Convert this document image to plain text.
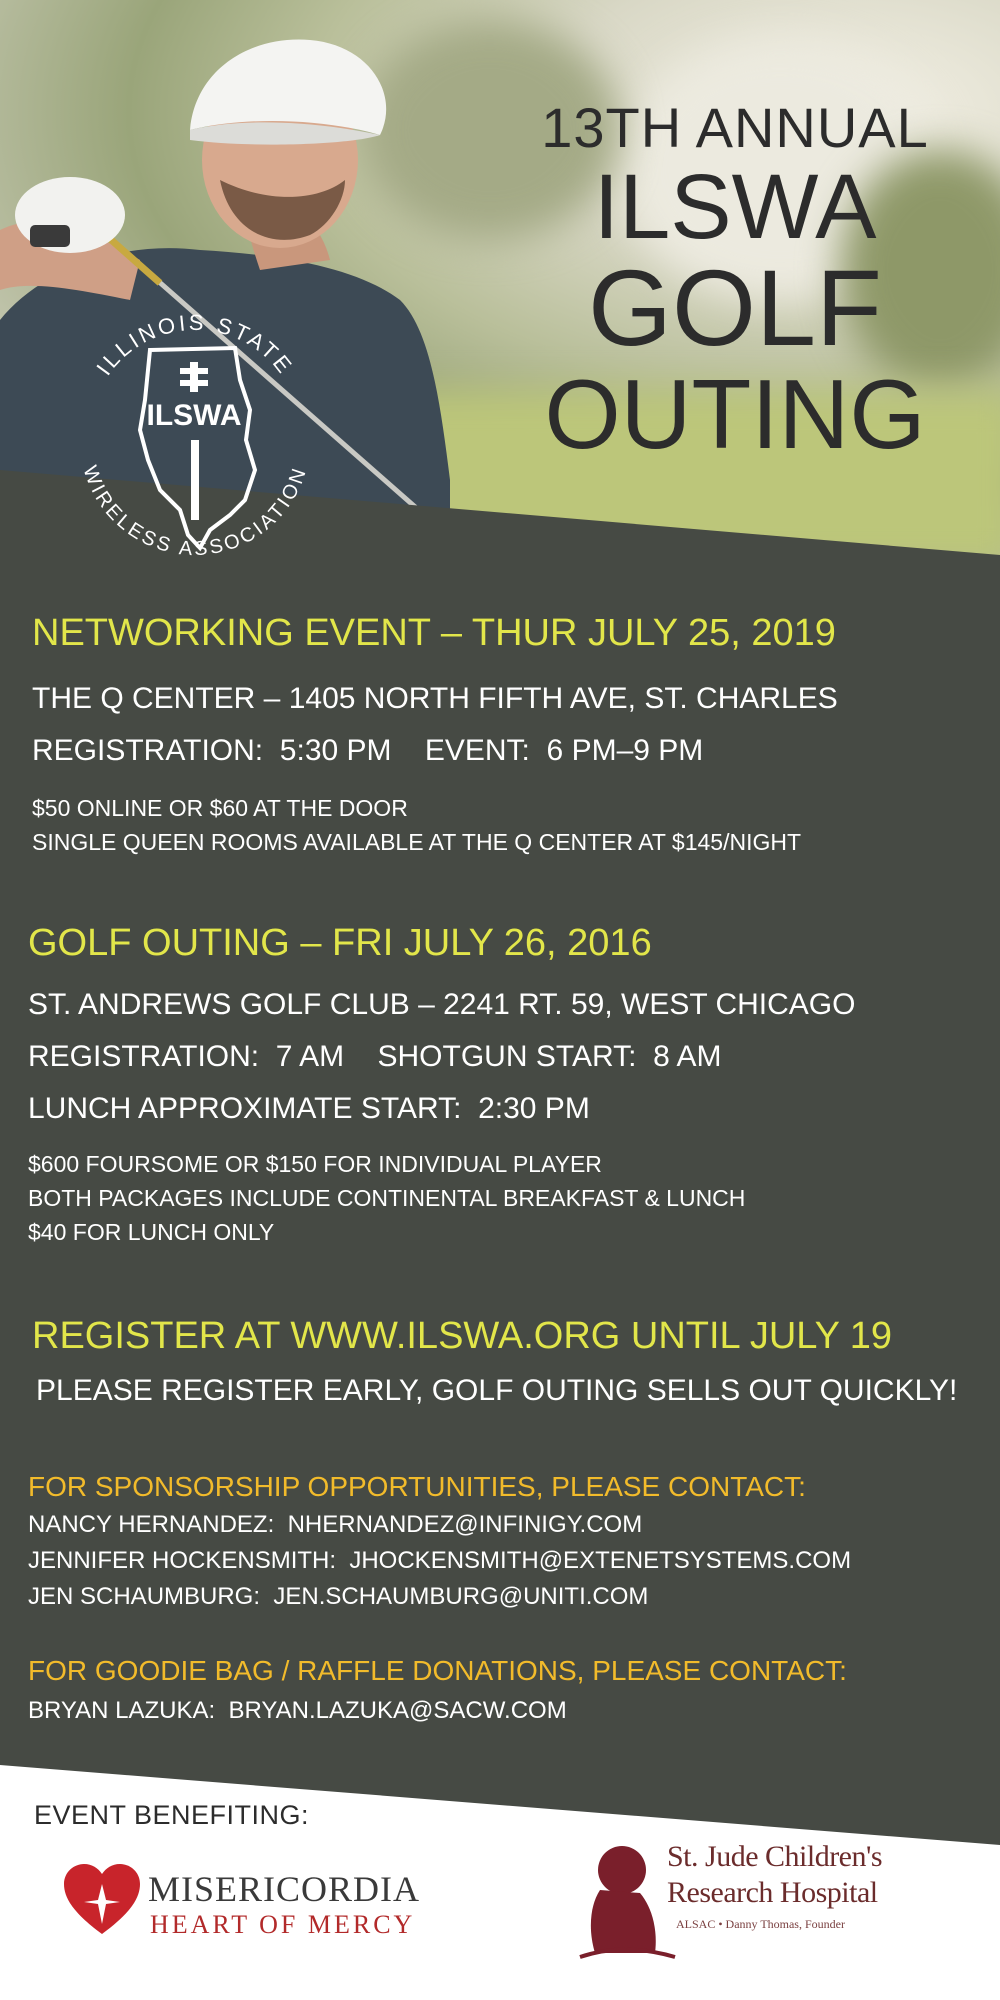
13TH ANNUAL
ILSWA
GOLF
OUTING
ILLINOIS STATE
WIRELESS ASSOCIATION
ILSWA
NETWORKING EVENT – THUR JULY 25, 2019
THE Q CENTER – 1405 NORTH FIFTH AVE, ST. CHARLES
REGISTRATION:  5:30 PM    EVENT:  6 PM–9 PM
$50 ONLINE OR $60 AT THE DOOR
SINGLE QUEEN ROOMS AVAILABLE AT THE Q CENTER AT $145/NIGHT
GOLF OUTING – FRI JULY 26, 2016
ST. ANDREWS GOLF CLUB – 2241 RT. 59, WEST CHICAGO
REGISTRATION:  7 AM    SHOTGUN START:  8 AM
LUNCH APPROXIMATE START:  2:30 PM
$600 FOURSOME OR $150 FOR INDIVIDUAL PLAYER
BOTH PACKAGES INCLUDE CONTINENTAL BREAKFAST & LUNCH
$40 FOR LUNCH ONLY
REGISTER AT WWW.ILSWA.ORG UNTIL JULY 19
PLEASE REGISTER EARLY, GOLF OUTING SELLS OUT QUICKLY!
FOR SPONSORSHIP OPPORTUNITIES, PLEASE CONTACT:
NANCY HERNANDEZ:  NHERNANDEZ@INFINIGY.COM
JENNIFER HOCKENSMITH:  JHOCKENSMITH@EXTENETSYSTEMS.COM
JEN SCHAUMBURG:  JEN.SCHAUMBURG@UNITI.COM
FOR GOODIE BAG / RAFFLE DONATIONS, PLEASE CONTACT:
BRYAN LAZUKA:  BRYAN.LAZUKA@SACW.COM
EVENT BENEFITING:
MISERICORDIA
HEART OF MERCY
St. Jude Children's
Research Hospital
ALSAC • Danny Thomas, Founder
